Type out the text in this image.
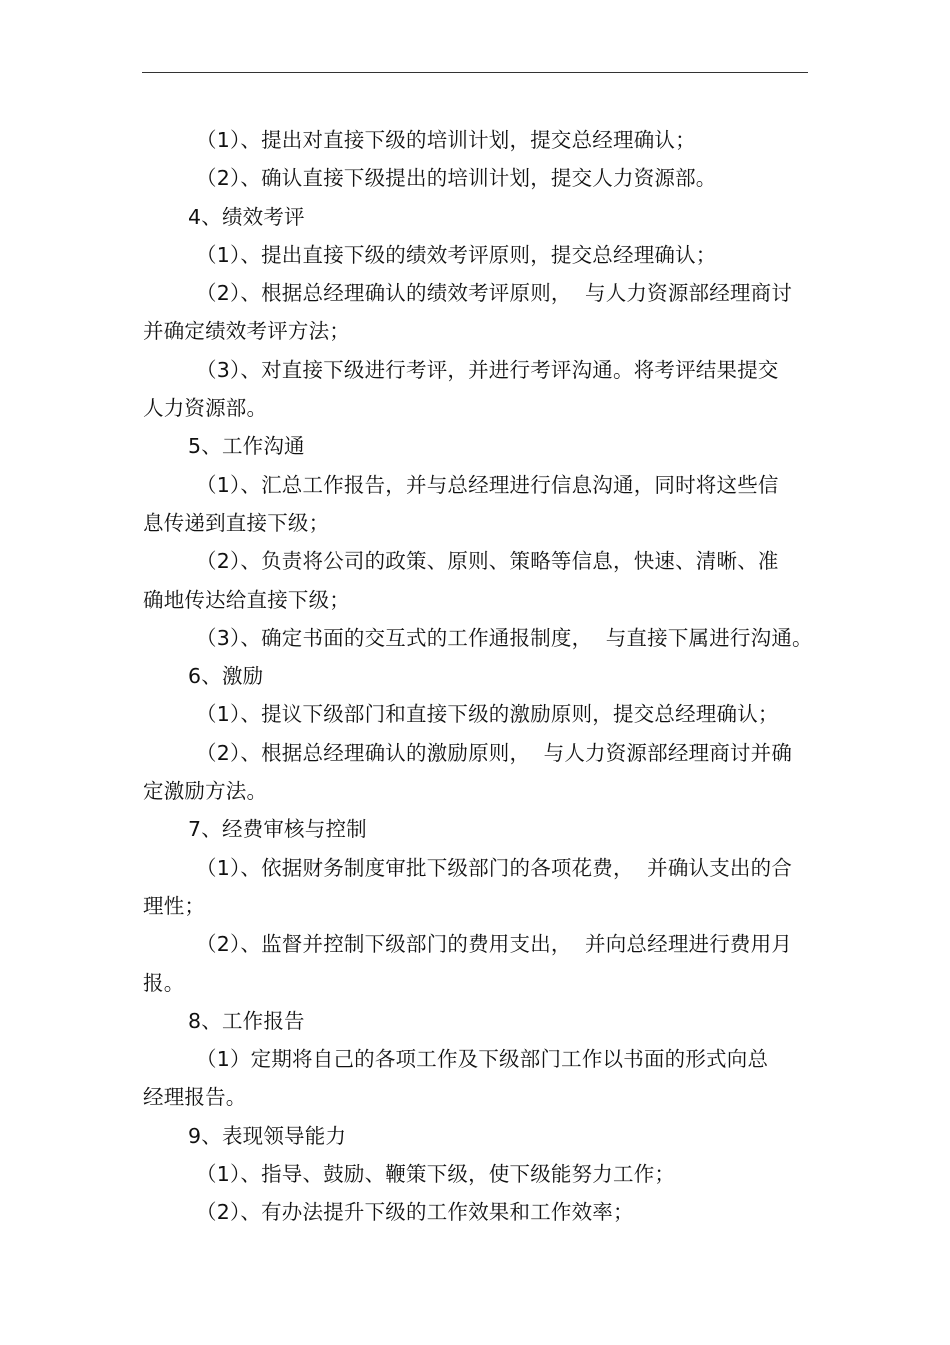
（1）、提出对直接下级的培训计划，提交总经理确认；
（2）、确认直接下级提出的培训计划，提交人力资源部。
4、绩效考评
（1）、提出直接下级的绩效考评原则，提交总经理确认；
（2）、根据总经理确认的绩效考评原则，  与人力资源部经理商讨
并确定绩效考评方法；
（3）、对直接下级进行考评，并进行考评沟通。将考评结果提交
人力资源部。
5、工作沟通
（1）、汇总工作报告，并与总经理进行信息沟通，同时将这些信
息传递到直接下级；
（2）、负责将公司的政策、原则、策略等信息，快速、清晰、准
确地传达给直接下级；
（3）、确定书面的交互式的工作通报制度，  与直接下属进行沟通。
6、激励
（1）、提议下级部门和直接下级的激励原则，提交总经理确认；
（2）、根据总经理确认的激励原则，  与人力资源部经理商讨并确
定激励方法。
7、经费审核与控制
（1）、依据财务制度审批下级部门的各项花费，  并确认支出的合
理性；
（2）、监督并控制下级部门的费用支出，  并向总经理进行费用月
报。
8、工作报告
（1）定期将自己的各项工作及下级部门工作以书面的形式向总
经理报告。
9、表现领导能力
（1）、指导、鼓励、鞭策下级，使下级能努力工作；
（2）、有办法提升下级的工作效果和工作效率；
